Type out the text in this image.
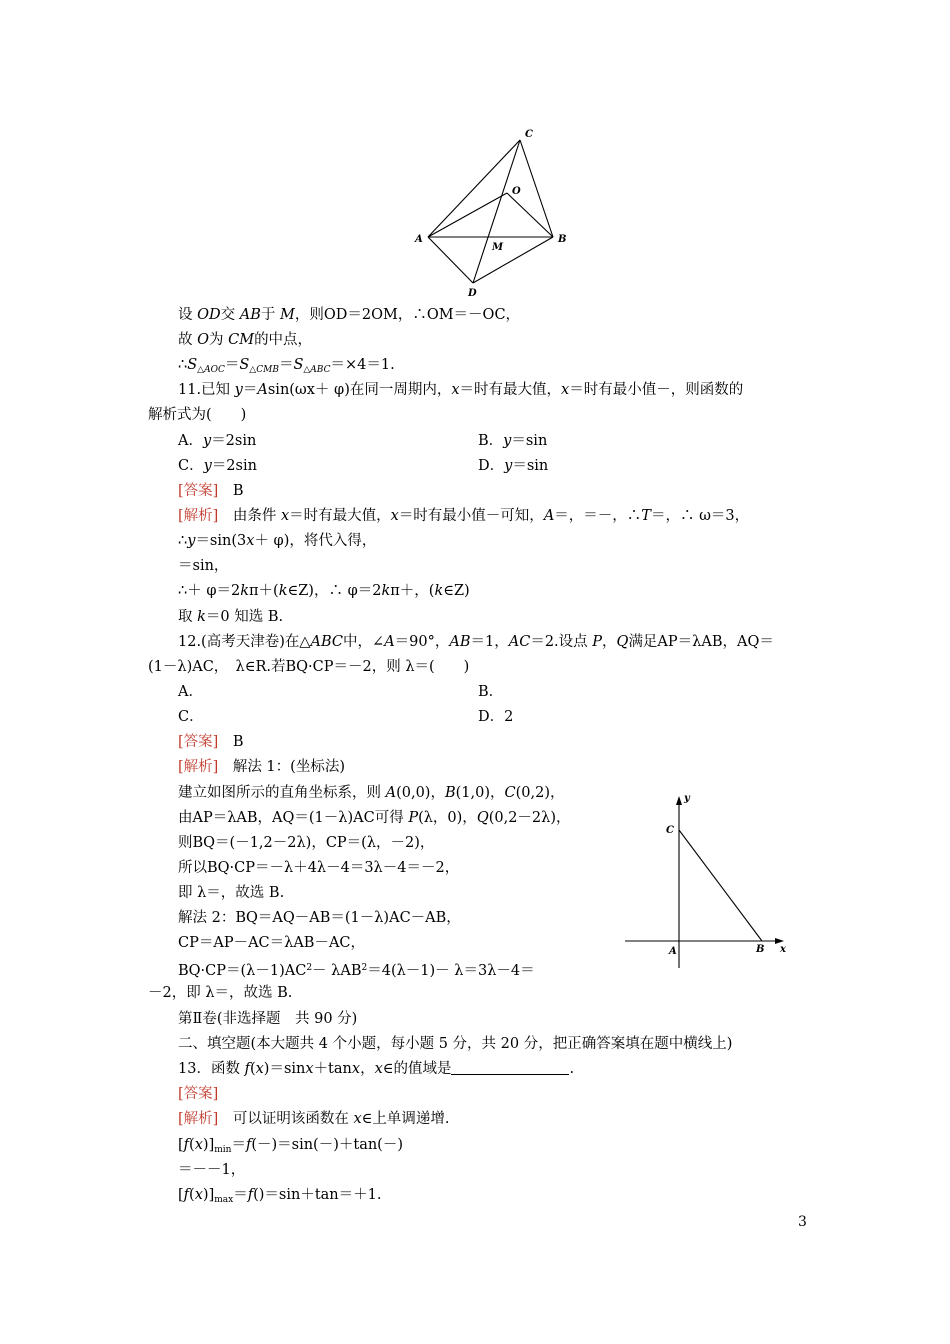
C
O
A	B
M
D
y
C
A	B x
设 OD交 AB于 M，则OD＝2OM，∴OM＝－OC，
故 O为 CM的中点，
$\therefore S_{\triangle AOC}=S_{\triangle CMB}=S_{\triangle ABC}=\times 4=1$.
11.已知 y＝Asin(ωx＋ φ)在同一周期内，x＝时有最大值，x＝时有最小值－，则函数的
解析式为(　　)
A．y＝2sin	B．y＝sin
C．y＝2sin	D．y＝sin
[答案]　B
[解析]　由条件 x＝时有最大值，x＝时有最小值－可知，A＝，＝－，∴T＝，∴ ω＝3，
∴y＝sin(3x＋ φ)，将代入得，
＝sin，
∴＋ φ＝2kπ＋(k∈Z)，∴ φ＝2kπ＋，(k∈Z)
取 k＝0 知选 B.
12.(高考天津卷)在△ABC中，∠A＝90°，AB＝1，AC＝2.设点 P，Q满足AP＝λAB，AQ＝
(1－λ)AC，　λ∈R.若BQ·CP＝－2，则 λ＝(　　)
A．	B．
C．	D．2
[答案]　B
[解析]　解法 1：(坐标法)
建立如图所示的直角坐标系，则 A(0,0)，B(1,0)，C(0,2)，
由AP＝λAB，AQ＝(1－λ)AC可得 P(λ，0)，Q(0,2－2λ)，
则BQ＝(－1,2－2λ)，CP＝(λ，－2)，
所以BQ·CP＝－λ＋4λ－4＝3λ－4＝－2，
即 λ＝，故选 B.
解法 2：BQ＝AQ－AB＝(1－λ)AC－AB，
CP＝AP－AC＝λAB－AC，
$BQ\cdot CP=(\lambda-1)AC^2- \lambda AB^2=4(\lambda-1)- \lambda=3\lambda-4=$
－2，即 λ＝，故选 B.
第Ⅱ卷(非选择题　共 90 分)
二、填空题(本大题共 4 个小题，每小题 5 分，共 20 分，把正确答案填在题中横线上)
13．函数 f(x)＝sinx＋tanx，x∈的值域是	.
[答案]
[解析]　可以证明该函数在 x∈上单调递增.
$[f(x)]_{min}=f(-)=\sin(-)+\tan(-)$
＝－－1，
$[f(x)]_{max}=f()=\sin+\tan=+1$.
3
